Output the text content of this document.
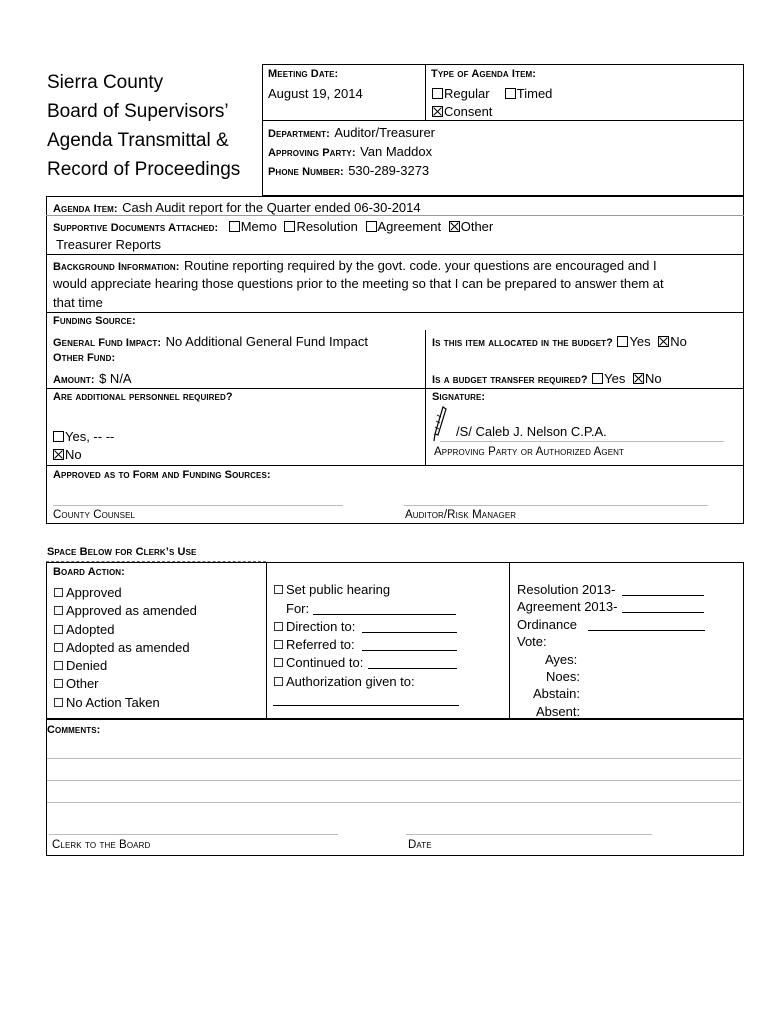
Sierra County
Board of Supervisors’
Agenda Transmittal &
Record of Proceedings
Meeting Date:
August 19, 2014
Type of Agenda Item:
Regular Timed
Consent
Department: Auditor/Treasurer
Approving Party: Van Maddox
Phone Number: 530-289-3273
Agenda Item: Cash Audit report for the Quarter ended 06-30-2014
Supportive Documents Attached: Memo Resolution Agreement Other
Treasurer Reports
Background Information: Routine reporting required by the govt. code. your questions are encouraged and I
would appreciate hearing those questions prior to the meeting so that I can be prepared to answer them at
that time
Funding Source:
General Fund Impact: No Additional General Fund Impact	Is this item allocated in the budget? Yes No
Other Fund:
Amount: $ N/A	Is a budget transfer required? Yes No
Are additional personnel required?
Yes, -- --
No
Signature:
/S/ Caleb J. Nelson C.P.A.
Approving Party or Authorized Agent
Approved as to Form and Funding Sources:
County Counsel	Auditor/Risk Manager
Space Below for Clerk’s Use
Board Action:
Approved
Approved as amended
Adopted
Adopted as amended
Denied
Other
No Action Taken
Set public hearing
For:
Direction to:
Referred to:
Continued to:
Authorization given to:
Resolution 2013-
Agreement 2013-
Ordinance
Vote:
Ayes:
Noes:
Abstain:
Absent:
Comments:
Clerk to the Board	Date
